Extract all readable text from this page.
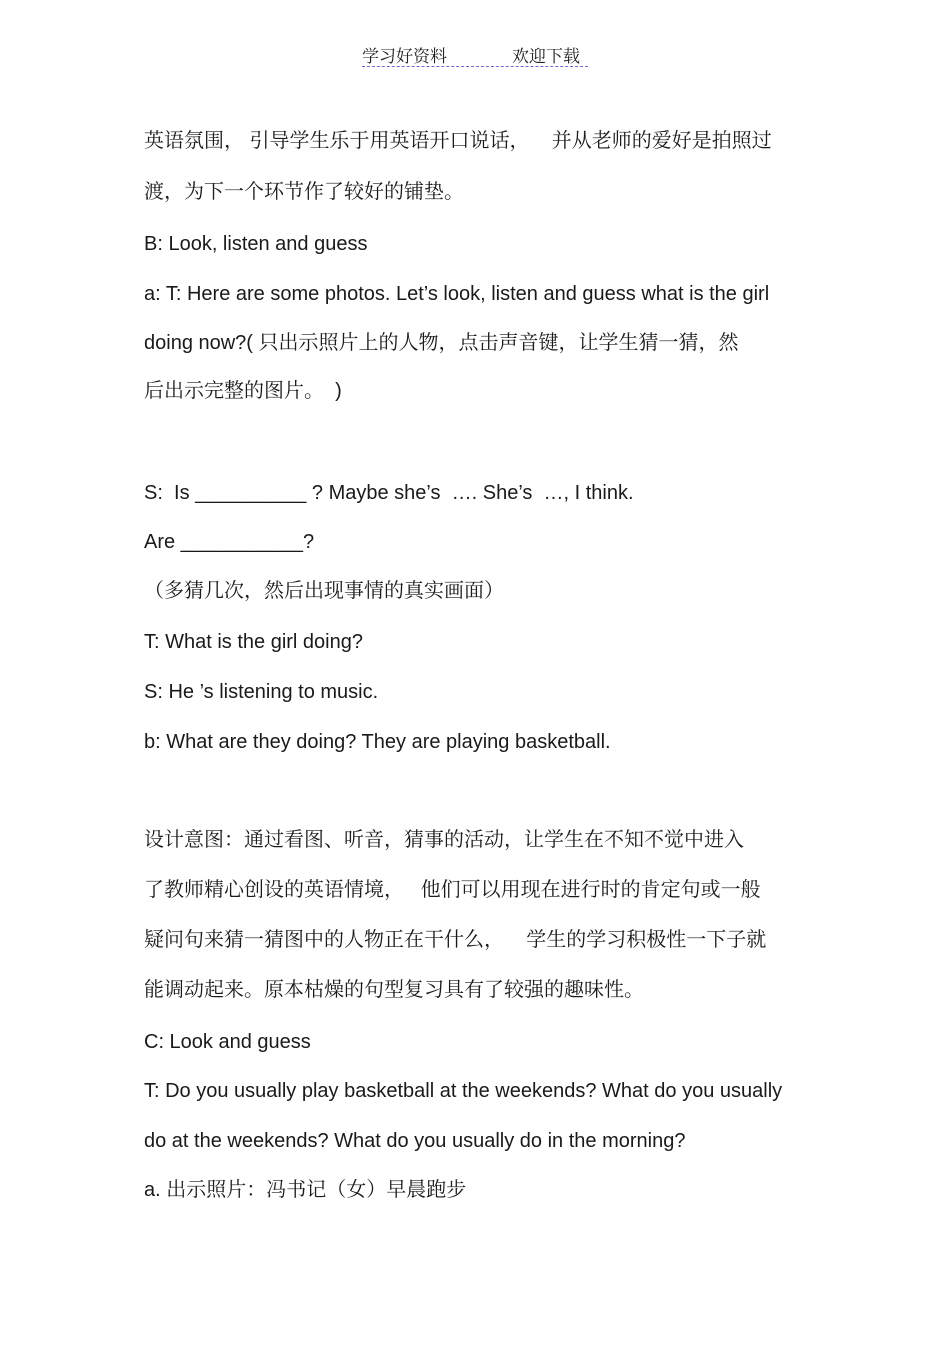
学习好资料	欢迎下载
英语氛围， 引导学生乐于用英语开口说话，    并从老师的爱好是拍照过
渡，为下一个环节作了较好的铺垫。
B: Look, listen and guess
a: T: Here are some photos. Let’s look, listen and guess what is the girl
doing now?( 只出示照片上的人物，点击声音键，让学生猜一猜，然
后出示完整的图片。  )
S:  Is __________ ? Maybe she’s  …. She’s  …, I think.
Are ___________?
（多猜几次，然后出现事情的真实画面）
T: What is the girl doing?
S: He ’s listening to music.
b: What are they doing? They are playing basketball.
设计意图：通过看图、听音，猜事的活动，让学生在不知不觉中进入
了教师精心创设的英语情境，   他们可以用现在进行时的肯定句或一般
疑问句来猜一猜图中的人物正在干什么，    学生的学习积极性一下子就
能调动起来。原本枯燥的句型复习具有了较强的趣味性。
C: Look and guess
T: Do you usually play basketball at the weekends? What do you usually
do at the weekends? What do you usually do in the morning?
a. 出示照片：冯书记（女）早晨跑步
